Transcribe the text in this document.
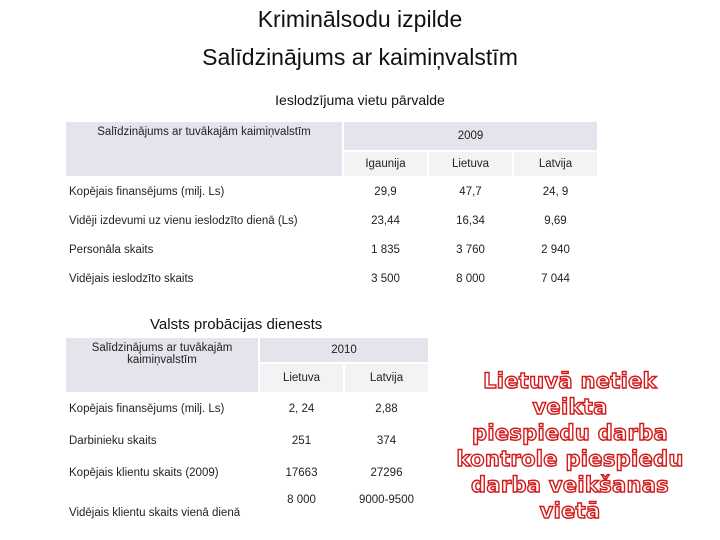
Kriminālsodu izpilde
Salīdzinājums ar kaimiņvalstīm
Ieslodzījuma vietu pārvalde
Salīdzinājums ar tuvākajām kaimiņvalstīm	2009		
	Igaunija	Lietuva	Latvija
Kopējais finansējums (milj. Ls)	29,9	47,7	24, 9
Vidēji izdevumi uz vienu ieslodzīto dienā (Ls)	23,44	16,34	9,69
Personāla skaits	1 835	3 760	2 940
Vidējais ieslodzīto skaits	3 500	8 000	7 044
Valsts probācijas dienests
Salīdzinājums ar tuvākajām kaimiņvalstīm	2010	
	Lietuva	Latvija
Kopējais finansējums (milj. Ls)	2, 24	2,88
Darbinieku skaits	251	374
Kopējais klientu skaits (2009)	17663	27296
Vidējais klientu skaits vienā dienā	8 000	9000-9500
Lietuvā netiek veikta
piespiedu darba
kontrole piespiedu
darba veikšanas vietā
